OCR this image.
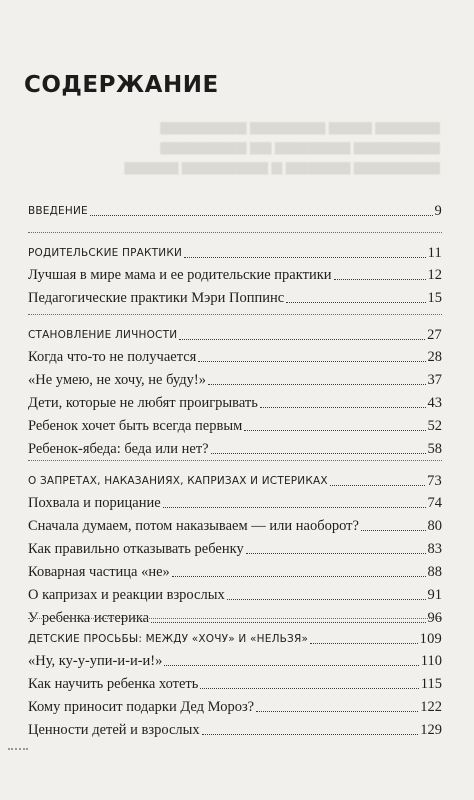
СОДЕРЖАНИЕ
▆▆▆▆▆▆ ▆▆▆▆ ▆▆▆▆▆▆▆ ▆▆▆▆▆▆▆▆
▆▆▆▆▆▆▆▆ ▆▆▆▆▆▆▆ ▆▆ ▆▆▆▆▆▆▆▆
▆▆▆▆▆▆▆▆ ▆▆▆▆▆▆ ▆ ▆▆▆▆▆▆▆▆ ▆▆▆▆▆
ВВЕДЕНИЕ	9
РОДИТЕЛЬСКИЕ ПРАКТИКИ	11
Лучшая в мире мама и ее родительские практики	12
Педагогические практики Мэри Поппинс	15
СТАНОВЛЕНИЕ ЛИЧНОСТИ	27
Когда что-то не получается	28
«Не умею, не хочу, не буду!»	37
Дети, которые не любят проигрывать	43
Ребенок хочет быть всегда первым	52
Ребенок-ябеда: беда или нет?	58
О ЗАПРЕТАХ, НАКАЗАНИЯХ, КАПРИЗАХ И ИСТЕРИКАХ	73
Похвала и порицание	74
Сначала думаем, потом наказываем — или наоборот?	80
Как правильно отказывать ребенку	83
Коварная частица «не»	88
О капризах и реакции взрослых	91
У ребенка истерика	96
ДЕТСКИЕ ПРОСЬБЫ: МЕЖДУ «ХОЧУ» И «НЕЛЬЗЯ»	109
«Ну, ку-у-упи-и-и-и!»	110
Как научить ребенка хотеть	115
Кому приносит подарки Дед Мороз?	122
Ценности детей и взрослых	129
